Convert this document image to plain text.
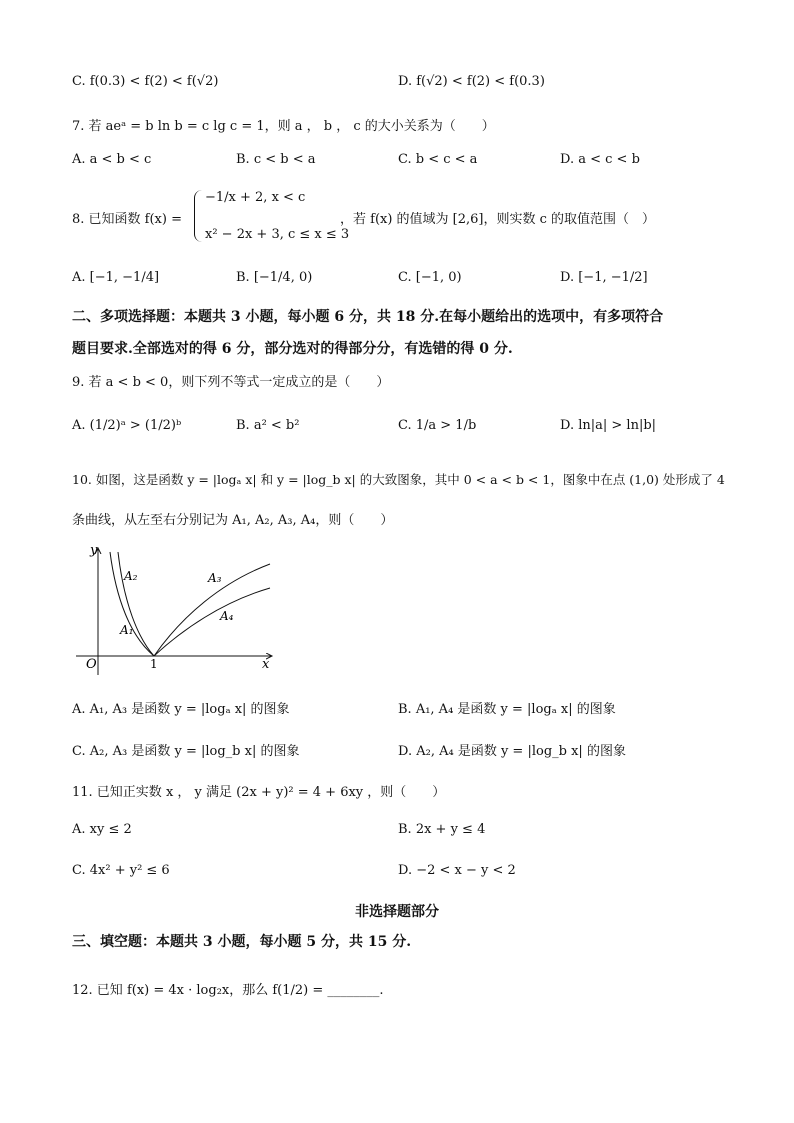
C. f(0.3) < f(2) < f(√2)	D. f(√2) < f(2) < f(0.3)
7. 若 aeᵃ = b ln b = c lg c = 1，则 a ， b ， c 的大小关系为（　　）
A. a < b < c	B. c < b < a	C. b < c < a	D. a < c < b
8. 已知函数 f(x) =
−1/x + 2, x < c
x² − 2x + 3, c ≤ x ≤ 3
，若 f(x) 的值域为 [2,6]，则实数 c 的取值范围（　）
A. [−1, −1/4]	B. [−1/4, 0)	C. [−1, 0)	D. [−1, −1/2]
二、多项选择题：本题共 3 小题，每小题 6 分，共 18 分.在每小题给出的选项中，有多项符合
题目要求.全部选对的得 6 分，部分选对的得部分分，有选错的得 0 分.
9. 若 a < b < 0，则下列不等式一定成立的是（　　）
A. (1/2)ᵃ > (1/2)ᵇ	B. a² < b²	C. 1/a > 1/b	D. ln|a| > ln|b|
10. 如图，这是函数 y = |logₐ x| 和 y = |log_b x| 的大致图象，其中 0 < a < b < 1，图象中在点 (1,0) 处形成了 4
条曲线，从左至右分别记为 A₁, A₂, A₃, A₄，则（　　）
y
x
O	1
A₁
A₂	A₃
A₄
A. A₁, A₃ 是函数 y = |logₐ x| 的图象	B. A₁, A₄ 是函数 y = |logₐ x| 的图象
C. A₂, A₃ 是函数 y = |log_b x| 的图象	D. A₂, A₄ 是函数 y = |log_b x| 的图象
11. 已知正实数 x ， y 满足 (2x + y)² = 4 + 6xy ，则（　　）
A. xy ≤ 2	B. 2x + y ≤ 4
C. 4x² + y² ≤ 6	D. −2 < x − y < 2
非选择题部分
三、填空题：本题共 3 小题，每小题 5 分，共 15 分.
12. 已知 f(x) = 4x · log₂x，那么 f(1/2) = ________.
